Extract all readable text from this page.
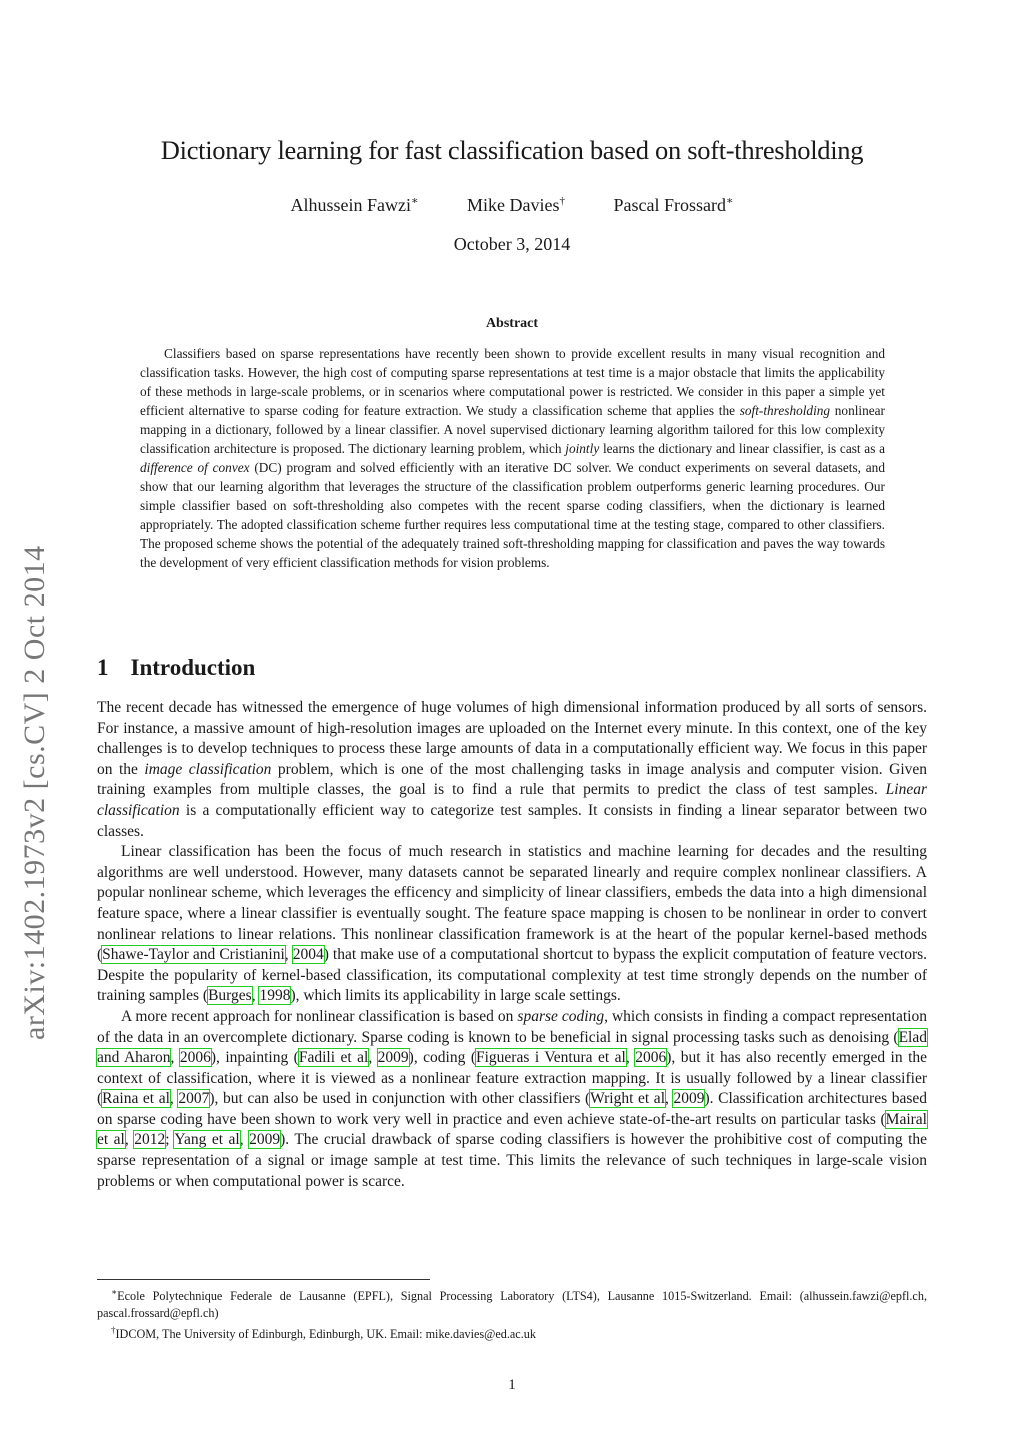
arXiv:1402.1973v2 [cs.CV] 2 Oct 2014
Dictionary learning for fast classification based on soft-thresholding
Alhussein Fawzi∗	Mike Davies†	Pascal Frossard∗
October 3, 2014
Abstract

Classifiers based on sparse representations have recently been shown to provide excellent results in many visual recognition and classification tasks. However, the high cost of computing sparse representations at test time is a major obstacle that limits the applicability of these methods in large-scale problems, or in scenarios where computational power is restricted. We consider in this paper a simple yet efficient alternative to sparse coding for feature extraction. We study a classification scheme that applies the soft-thresholding nonlinear mapping in a dictionary, followed by a linear classifier. A novel supervised dictionary learning algorithm tailored for this low complexity classification architecture is proposed. The dictionary learning problem, which jointly learns the dictionary and linear classifier, is cast as a difference of convex (DC) program and solved efficiently with an iterative DC solver. We conduct experiments on several datasets, and show that our learning algorithm that leverages the structure of the classification problem outperforms generic learning procedures. Our simple classifier based on soft-thresholding also competes with the recent sparse coding classifiers, when the dictionary is learned appropriately. The adopted classification scheme further requires less computational time at the testing stage, compared to other classifiers. The proposed scheme shows the potential of the adequately trained soft-thresholding mapping for classification and paves the way towards the development of very efficient classification methods for vision problems.

1 Introduction

The recent decade has witnessed the emergence of huge volumes of high dimensional information produced by all sorts of sensors. For instance, a massive amount of high-resolution images are uploaded on the Internet every minute. In this context, one of the key challenges is to develop techniques to process these large amounts of data in a computationally efficient way. We focus in this paper on the image classification problem, which is one of the most challenging tasks in image analysis and computer vision. Given training examples from multiple classes, the goal is to find a rule that permits to predict the class of test samples. Linear classification is a computationally efficient way to categorize test samples. It consists in finding a linear separator between two classes.

Linear classification has been the focus of much research in statistics and machine learning for decades and the resulting algorithms are well understood. However, many datasets cannot be separated linearly and require complex nonlinear classifiers. A popular nonlinear scheme, which leverages the efficency and simplicity of linear classifiers, embeds the data into a high dimensional feature space, where a linear classifier is eventually sought. The feature space mapping is chosen to be nonlinear in order to convert nonlinear relations to linear relations. This nonlinear classification framework is at the heart of the popular kernel-based methods (Shawe-Taylor and Cristianini, 2004) that make use of a computational shortcut to bypass the explicit computation of feature vectors. Despite the popularity of kernel-based classification, its computational complexity at test time strongly depends on the number of training samples (Burges, 1998), which limits its applicability in large scale settings.

A more recent approach for nonlinear classification is based on sparse coding, which consists in finding a compact representation of the data in an overcomplete dictionary. Sparse coding is known to be beneficial in signal processing tasks such as denoising (Elad and Aharon, 2006), inpainting (Fadili et al, 2009), coding (Figueras i Ventura et al, 2006), but it has also recently emerged in the context of classification, where it is viewed as a nonlinear feature extraction mapping. It is usually followed by a linear classifier (Raina et al, 2007), but can also be used in conjunction with other classifiers (Wright et al, 2009). Classification architectures based on sparse coding have been shown to work very well in practice and even achieve state-of-the-art results on particular tasks (Mairal et al, 2012; Yang et al, 2009). The crucial drawback of sparse coding classifiers is however the prohibitive cost of computing the sparse representation of a signal or image sample at test time. This limits the relevance of such techniques in large-scale vision problems or when computational power is scarce.

∗Ecole Polytechnique Federale de Lausanne (EPFL), Signal Processing Laboratory (LTS4), Lausanne 1015-Switzerland. Email: (alhussein.fawzi@epfl.ch, pascal.frossard@epfl.ch)

†IDCOM, The University of Edinburgh, Edinburgh, UK. Email: mike.davies@ed.ac.uk

1
